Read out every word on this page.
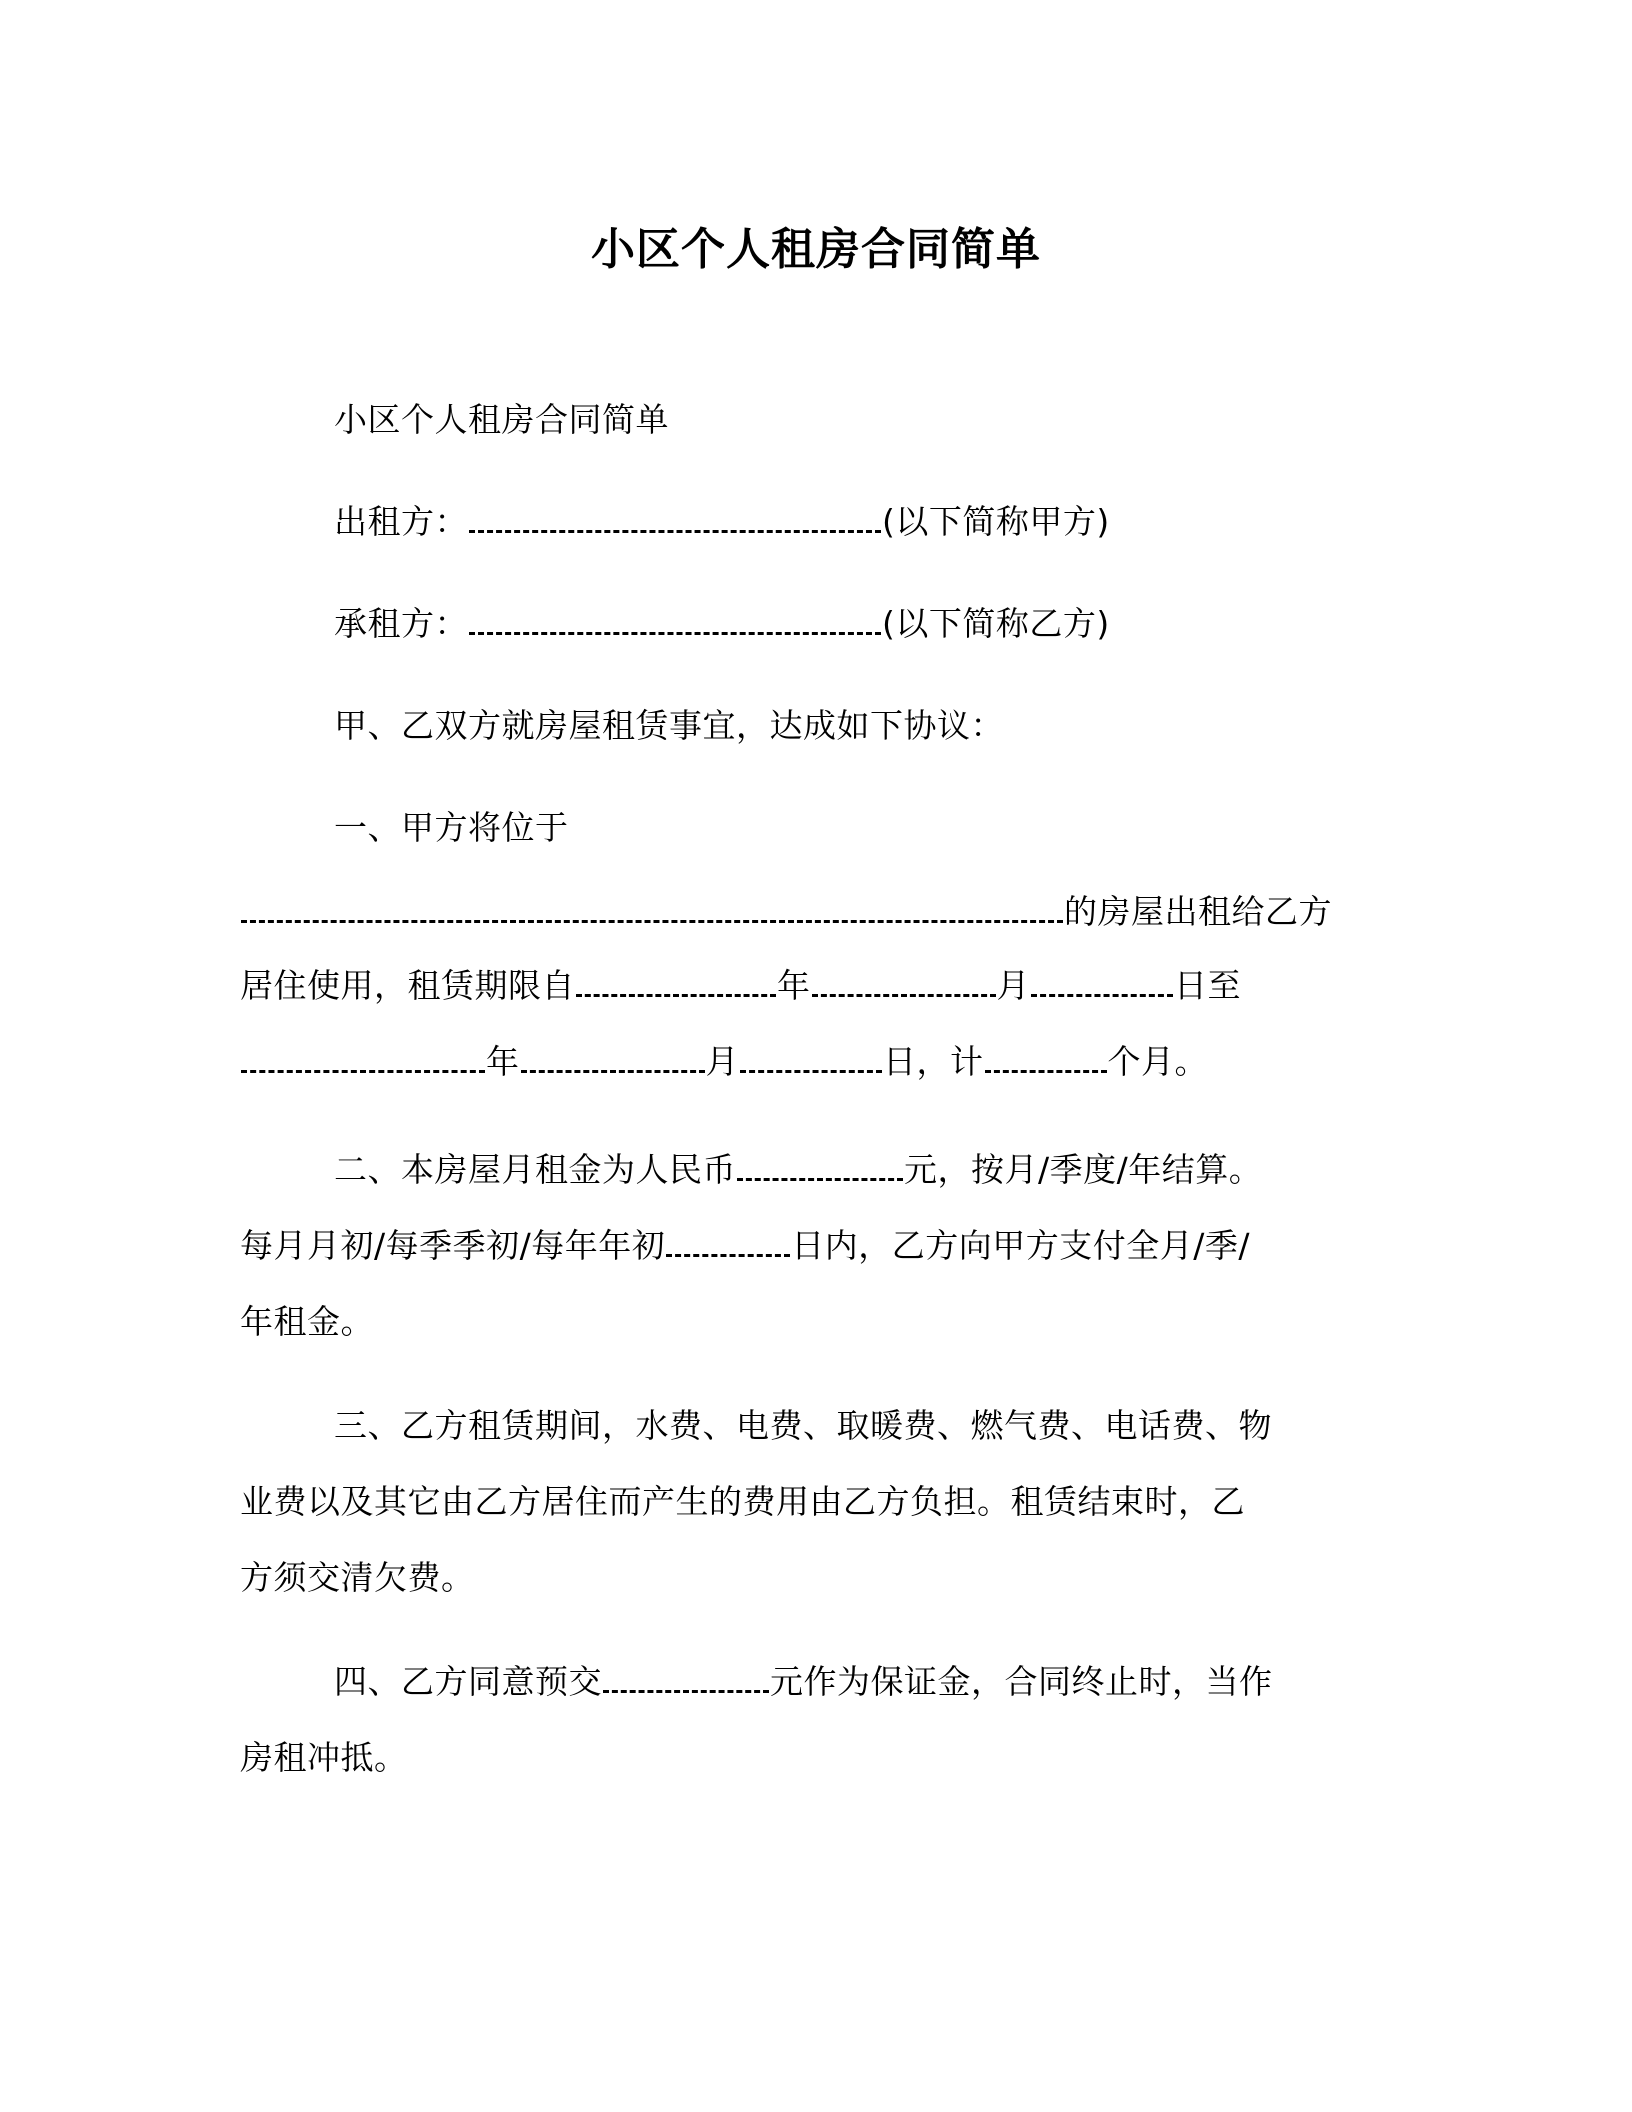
小区个人租房合同简单
小区个人租房合同简单
出租方：	(以下简称甲方)
承租方：	(以下简称乙方)
甲、乙双方就房屋租赁事宜，达成如下协议：
一、甲方将位于
的房屋出租给乙方
居住使用，租赁期限自	年	月	日至
年	月	日，计	个月。
二、本房屋月租金为人民币	元，按月/季度/年结算。
每月月初/每季季初/每年年初	日内，乙方向甲方支付全月/季/
年租金。
三、乙方租赁期间，水费、电费、取暖费、燃气费、电话费、物
业费以及其它由乙方居住而产生的费用由乙方负担。租赁结束时，乙
方须交清欠费。
四、乙方同意预交	元作为保证金，合同终止时，当作
房租冲抵。
